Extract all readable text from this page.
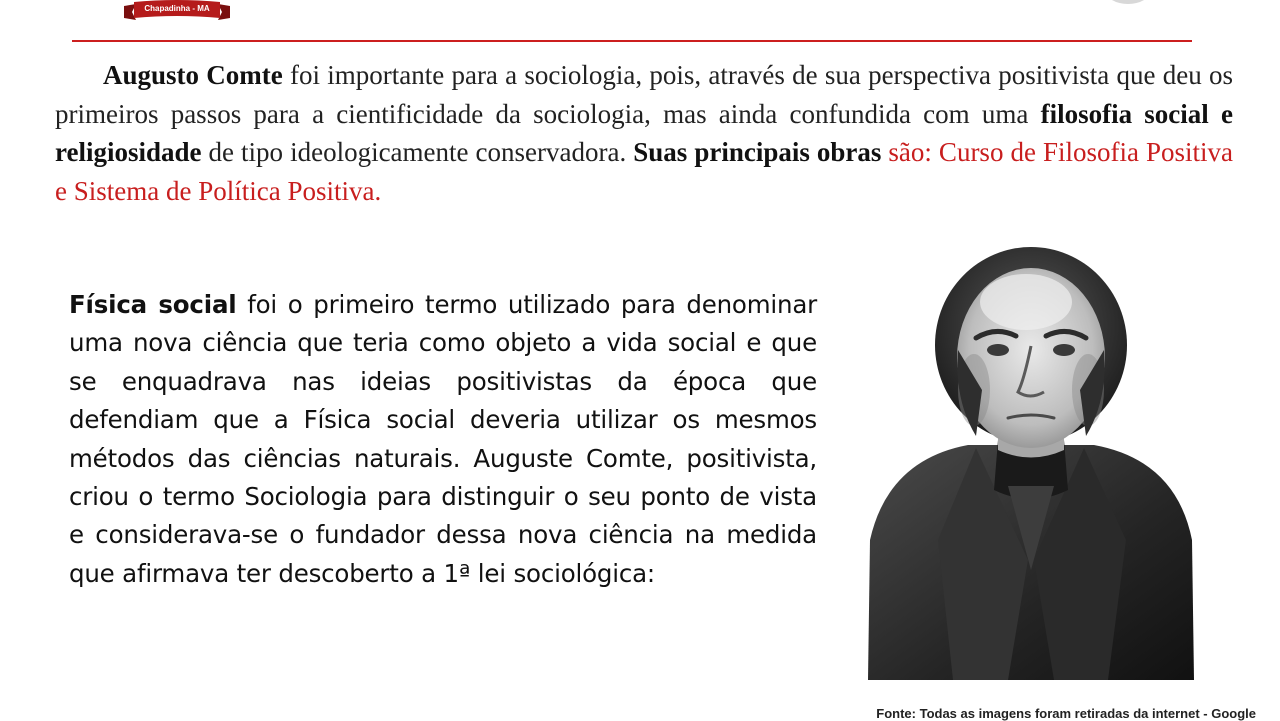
Chapadinha - MA

Augusto Comte foi importante para a sociologia, pois, através de sua perspectiva positivista que deu os primeiros passos para a cientificidade da sociologia, mas ainda confundida com uma filosofia social e religiosidade de tipo ideologicamente conservadora. Suas principais obras são: Curso de Filosofia Positiva e Sistema de Política Positiva.

Física social foi o primeiro termo utilizado para denominar uma nova ciência que teria como objeto a vida social e que se enquadrava nas ideias positivistas da época que defendiam que a Física social deveria utilizar os mesmos métodos das ciências naturais. Auguste Comte, positivista, criou o termo Sociologia para distinguir o seu ponto de vista e considerava-se o fundador dessa nova ciência na medida que afirmava ter descoberto a 1ª lei sociológica:

Fonte: Todas as imagens foram retiradas da internet - Google
